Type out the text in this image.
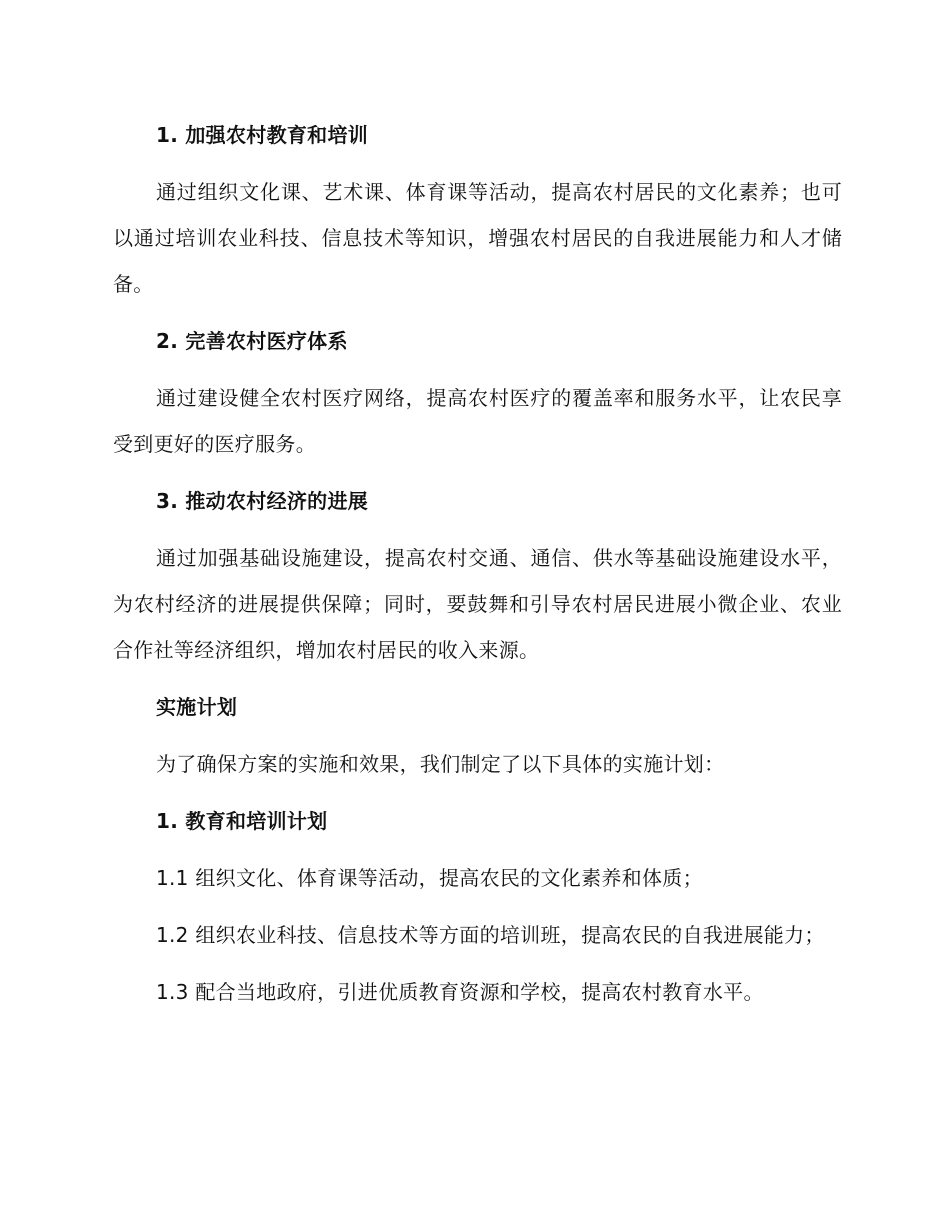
1. 加强农村教育和培训

通过组织文化课、艺术课、体育课等活动，提高农村居民的文化素养；也可以通过培训农业科技、信息技术等知识，增强农村居民的自我进展能力和人才储备。

2. 完善农村医疗体系

通过建设健全农村医疗网络，提高农村医疗的覆盖率和服务水平，让农民享受到更好的医疗服务。

3. 推动农村经济的进展

通过加强基础设施建设，提高农村交通、通信、供水等基础设施建设水平，为农村经济的进展提供保障；同时，要鼓舞和引导农村居民进展小微企业、农业合作社等经济组织，增加农村居民的收入来源。

实施计划

为了确保方案的实施和效果，我们制定了以下具体的实施计划：

1. 教育和培训计划

1.1 组织文化、体育课等活动，提高农民的文化素养和体质；

1.2 组织农业科技、信息技术等方面的培训班，提高农民的自我进展能力；

1.3 配合当地政府，引进优质教育资源和学校，提高农村教育水平。
